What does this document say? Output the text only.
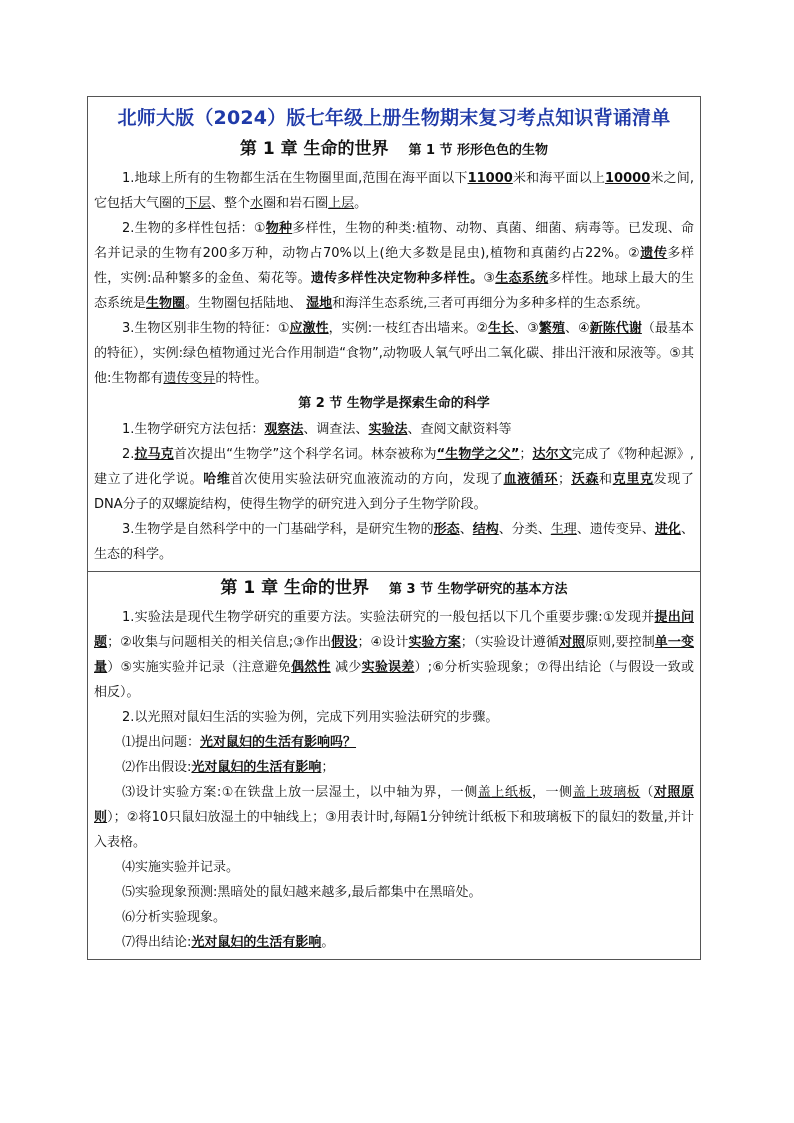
北师大版（2024）版七年级上册生物期末复习考点知识背诵清单
第 1 章 生命的世界 第 1 节 形形色色的生物

1.地球上所有的生物都生活在生物圈里面,范围在海平面以下11000米和海平面以上10000米之间,它包括大气圈的下层、整个水圈和岩石圈上层。

2.生物的多样性包括：①物种多样性，生物的种类:植物、动物、真菌、细菌、病毒等。已发现、命名并记录的生物有200多万种，动物占70%以上(绝大多数是昆虫),植物和真菌约占22%。②遗传多样性，实例:品种繁多的金鱼、菊花等。遗传多样性决定物种多样性。③生态系统多样性。地球上最大的生态系统是生物圈。生物圈包括陆地、 湿地和海洋生态系统,三者可再细分为多种多样的生态系统。

3.生物区别非生物的特征：①应激性，实例:一枝红杏出墙来。②生长、③繁殖、④新陈代谢（最基本的特征），实例:绿色植物通过光合作用制造“食物”,动物吸人氧气呼出二氧化碳、排出汗液和尿液等。⑤其他:生物都有遗传变异的特性。

第 2 节 生物学是探索生命的科学

1.生物学研究方法包括：观察法、调查法、实验法、查阅文献资料等

2.拉马克首次提出“生物学”这个科学名词。林奈被称为“生物学之父”；达尔文完成了《物种起源》,建立了进化学说。哈维首次使用实验法研究血液流动的方向，发现了血液循环；沃森和克里克发现了DNA分子的双螺旋结构，使得生物学的研究进入到分子生物学阶段。

3.生物学是自然科学中的一门基础学科，是研究生物的形态、结构、分类、生理、遗传变异、进化、生态的科学。

第 1 章 生命的世界 第 3 节 生物学研究的基本方法

1.实验法是现代生物学研究的重要方法。实验法研究的一般包括以下几个重要步骤:①发现并提出问题；②收集与问题相关的相关信息;③作出假设；④设计实验方案；（实验设计遵循对照原则,要控制单一变量）⑤实施实验并记录（注意避免偶然性 减少实验误差）;⑥分析实验现象；⑦得出结论（与假设一致或相反）。

2.以光照对鼠妇生活的实验为例，完成下列用实验法研究的步骤。

⑴提出问题：光对鼠妇的生活有影响吗？

⑵作出假设:光对鼠妇的生活有影响；

⑶设计实验方案:①在铁盘上放一层湿土，以中轴为界，一侧盖上纸板，一侧盖上玻璃板（对照原则）；②将10只鼠妇放湿土的中轴线上；③用表计时,每隔1分钟统计纸板下和玻璃板下的鼠妇的数量,并计入表格。

⑷实施实验并记录。

⑸实验现象预测:黑暗处的鼠妇越来越多,最后都集中在黑暗处。

⑹分析实验现象。

⑺得出结论:光对鼠妇的生活有影响。
